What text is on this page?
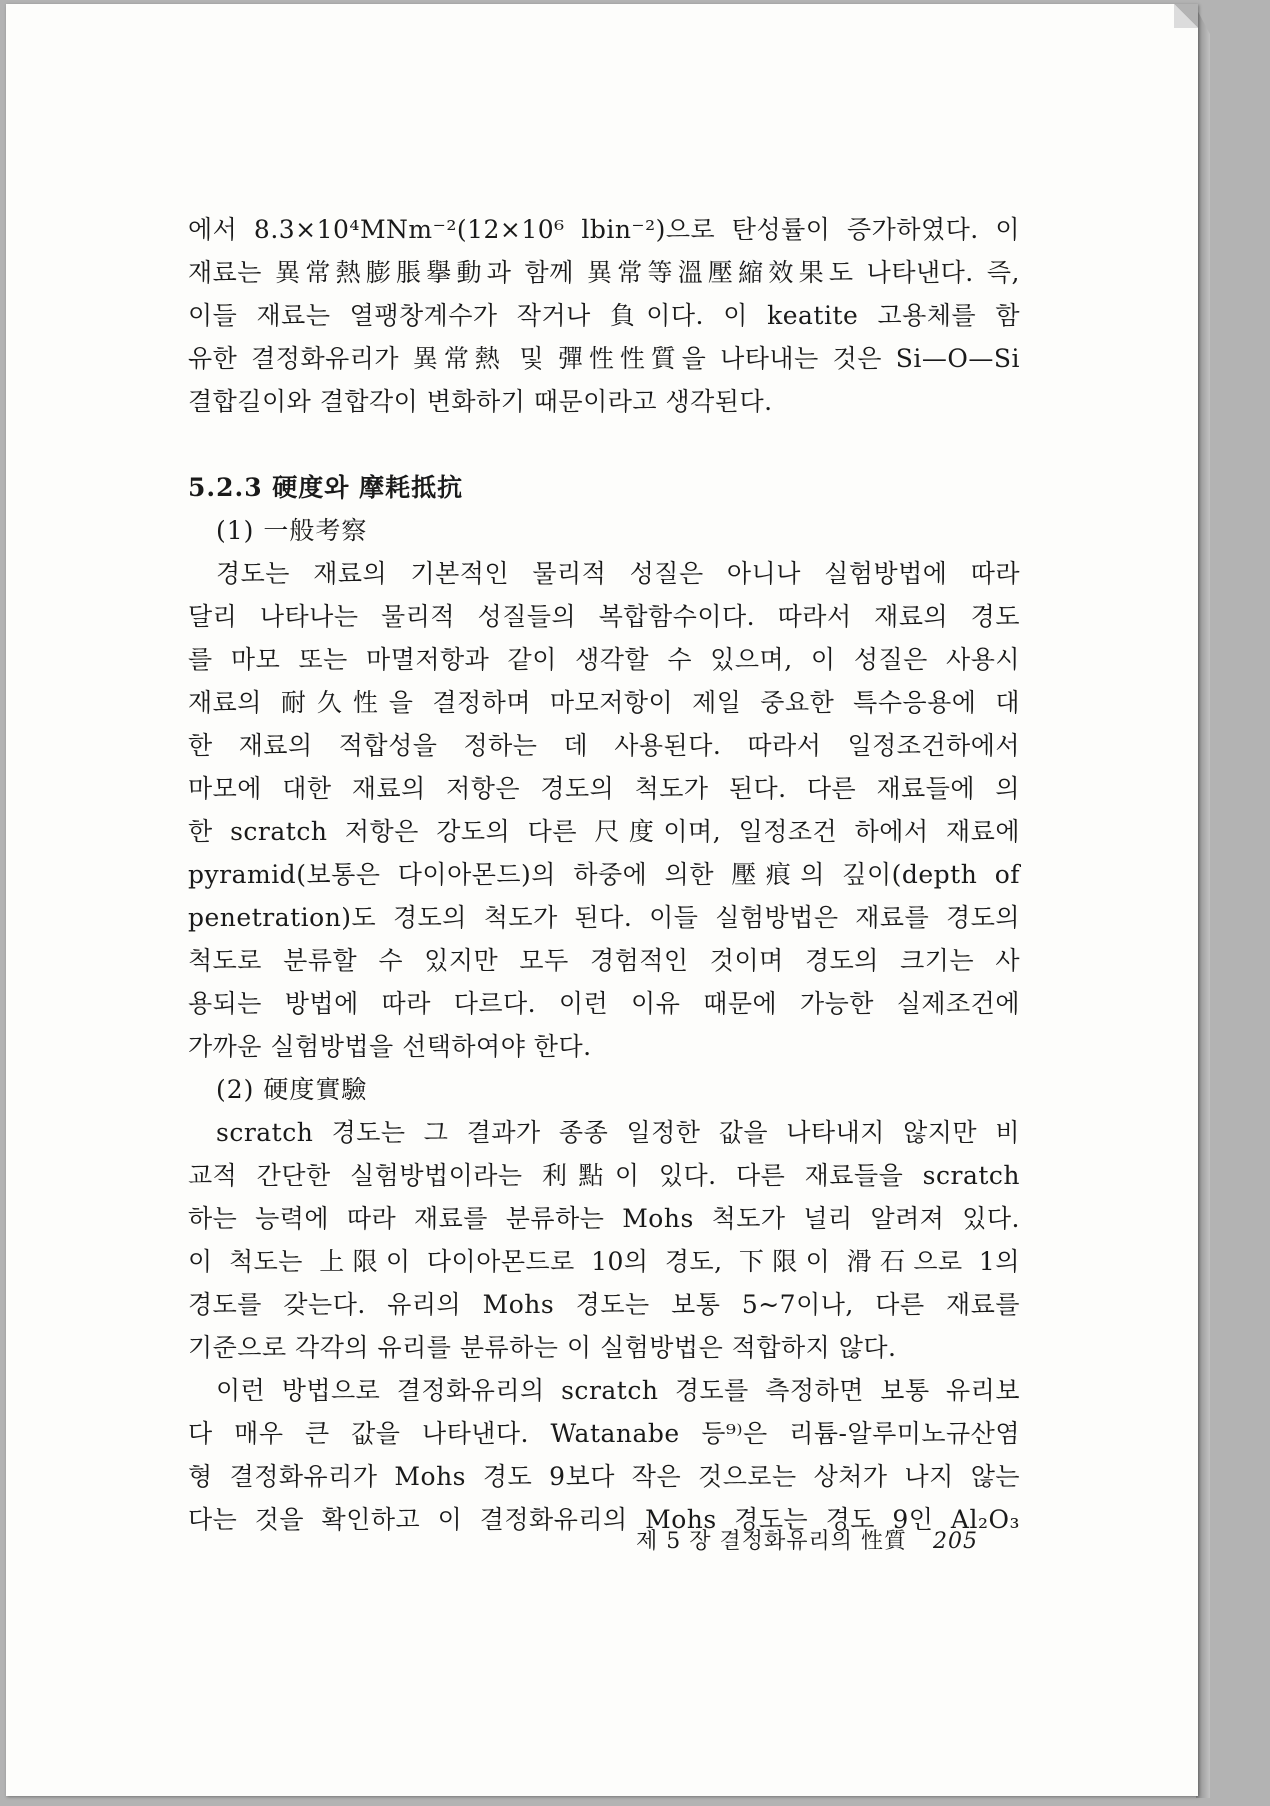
에서 8.3×10⁴MNm⁻²(12×10⁶ lbin⁻²)으로 탄성률이 증가하였다. 이
재료는 異常熱膨脹擧動과 함께 異常等溫壓縮效果도 나타낸다. 즉,
이들 재료는 열팽창계수가 작거나 負이다. 이 keatite 고용체를 함
유한 결정화유리가 異常熱 및 彈性性質을 나타내는 것은 Si—O—Si
결합길이와 결합각이 변화하기 때문이라고 생각된다.
5.2.3 硬度와 摩耗抵抗
(1) 一般考察
경도는 재료의 기본적인 물리적 성질은 아니나 실험방법에 따라
달리 나타나는 물리적 성질들의 복합함수이다. 따라서 재료의 경도
를 마모 또는 마멸저항과 같이 생각할 수 있으며, 이 성질은 사용시
재료의 耐久性을 결정하며 마모저항이 제일 중요한 특수응용에 대
한 재료의 적합성을 정하는 데 사용된다. 따라서 일정조건하에서
마모에 대한 재료의 저항은 경도의 척도가 된다. 다른 재료들에 의
한 scratch 저항은 강도의 다른 尺度이며, 일정조건 하에서 재료에
pyramid(보통은 다이아몬드)의 하중에 의한 壓痕의 깊이(depth of
penetration)도 경도의 척도가 된다. 이들 실험방법은 재료를 경도의
척도로 분류할 수 있지만 모두 경험적인 것이며 경도의 크기는 사
용되는 방법에 따라 다르다. 이런 이유 때문에 가능한 실제조건에
가까운 실험방법을 선택하여야 한다.
(2) 硬度實驗
scratch 경도는 그 결과가 종종 일정한 값을 나타내지 않지만 비
교적 간단한 실험방법이라는 利點이 있다. 다른 재료들을 scratch
하는 능력에 따라 재료를 분류하는 Mohs 척도가 널리 알려져 있다.
이 척도는 上限이 다이아몬드로 10의 경도, 下限이 滑石으로 1의
경도를 갖는다. 유리의 Mohs 경도는 보통 5~7이나, 다른 재료를
기준으로 각각의 유리를 분류하는 이 실험방법은 적합하지 않다.
이런 방법으로 결정화유리의 scratch 경도를 측정하면 보통 유리보
다 매우 큰 값을 나타낸다. Watanabe 등⁹⁾은 리튬-알루미노규산염
형 결정화유리가 Mohs 경도 9보다 작은 것으로는 상처가 나지 않는
다는 것을 확인하고 이 결정화유리의 Mohs 경도는 경도 9인 Al₂O₃
제 5 장 결정화유리의 性質 205
